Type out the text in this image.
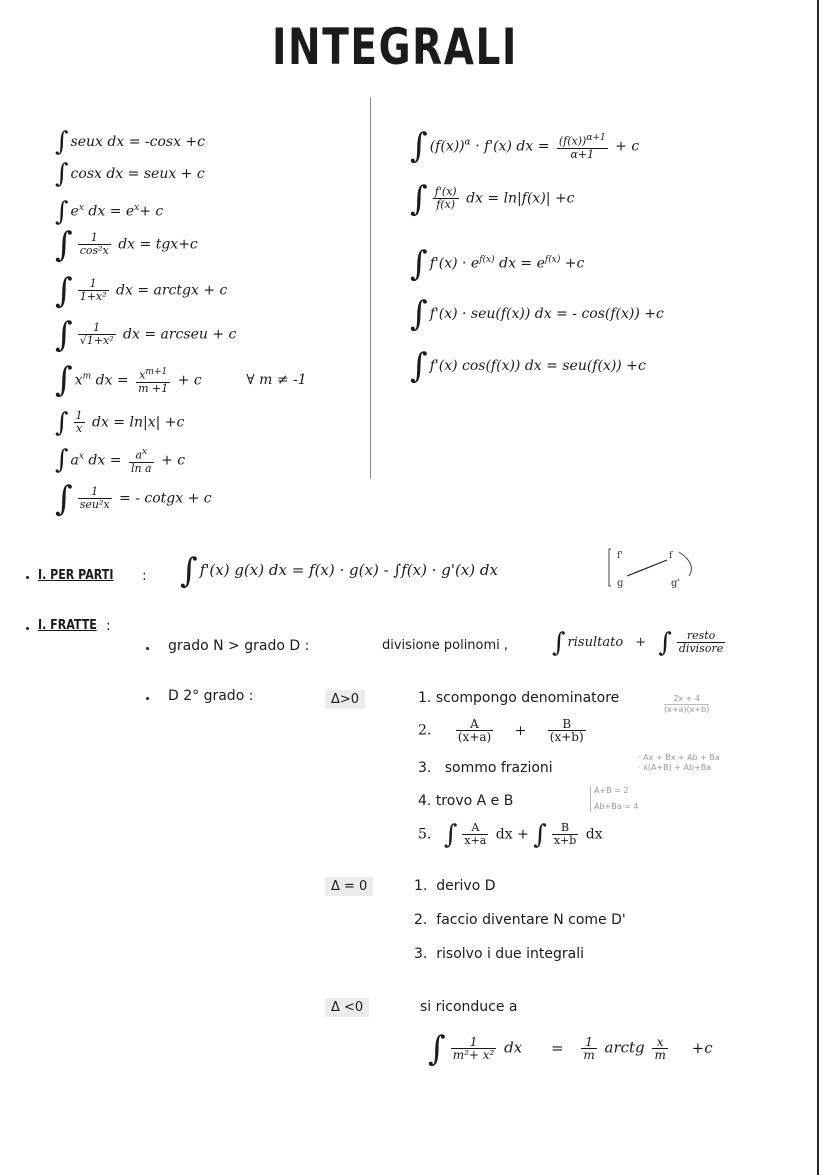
INTEGRALI
∫ seux dx = -cosx +c
∫ cosx dx = seux + c
∫ $e^x$ dx = $e^x+ c$
∫ $\frac{1}{\text{cos²x}}$ dx = tgx+c
∫ $\frac{1}{\text{1+x²}}$ dx = arctgx + c
∫ $\frac{1}{\text{√1+x²}}$ dx = arcseu + c
∫ $x^m$ dx = $\frac{x^{m+1}}{m +1} + c$	∀ m ≠ -1
∫ $\frac{1}{x}$ dx = ln|x| +c
∫ $a^x$ dx = $\frac{a^x}{\text{ln a}} + c$
∫ $\frac{1}{\text{seu²x}}$ = - cotgx + c
∫ $(f(x))^\alpha \cdot f'(x)$ dx = $\frac{(f(x))^{\alpha+1}}{\alpha+1} + c$
∫ $\frac{f'(x)}{f(x)}$ dx = ln|f(x)| +c
∫ $f'(x) \cdot e^{f(x)}$ dx = $e^{f(x)} +c$
∫ f'(x) · seu(f(x)) dx = - cos(f(x)) +c
∫ f'(x) cos(f(x)) dx = seu(f(x)) +c
I. PER PARTI : ∫ f'(x) g(x) dx = f(x) · g(x) - ∫f(x) · g'(x) dx
f'	f
g	g'
I. FRATTE :
grado N > grado D :	divisione polinomi , ∫ risultato + ∫ $\frac{\text{resto}}{\text{divisore}}$
D 2° grado :	Δ>0	1. scompongo denominatore	2x + 4
(x+a)(x+b)
2. $\frac{A}{(x+a)} + \frac{B}{(x+b)}$
3. sommo frazioni
· Ax + Bx + Ab + Ba
· x(A+B) + Ab+Ba
4. trovo A e B
A+B = 2
Ab+Ba = 4
5. ∫ $\frac{A}{x+a}$ dx + ∫ $\frac{B}{x+b}$ dx
Δ = 0	1. derivo D
2. faccio diventare N come D'
3. risolvo i due integrali
Δ <0	si riconduce a
∫ $\frac{1}{\text{m²+ x²}}$ dx = $\frac{1}{m}$ arctg $\frac{x}{m} +c$
